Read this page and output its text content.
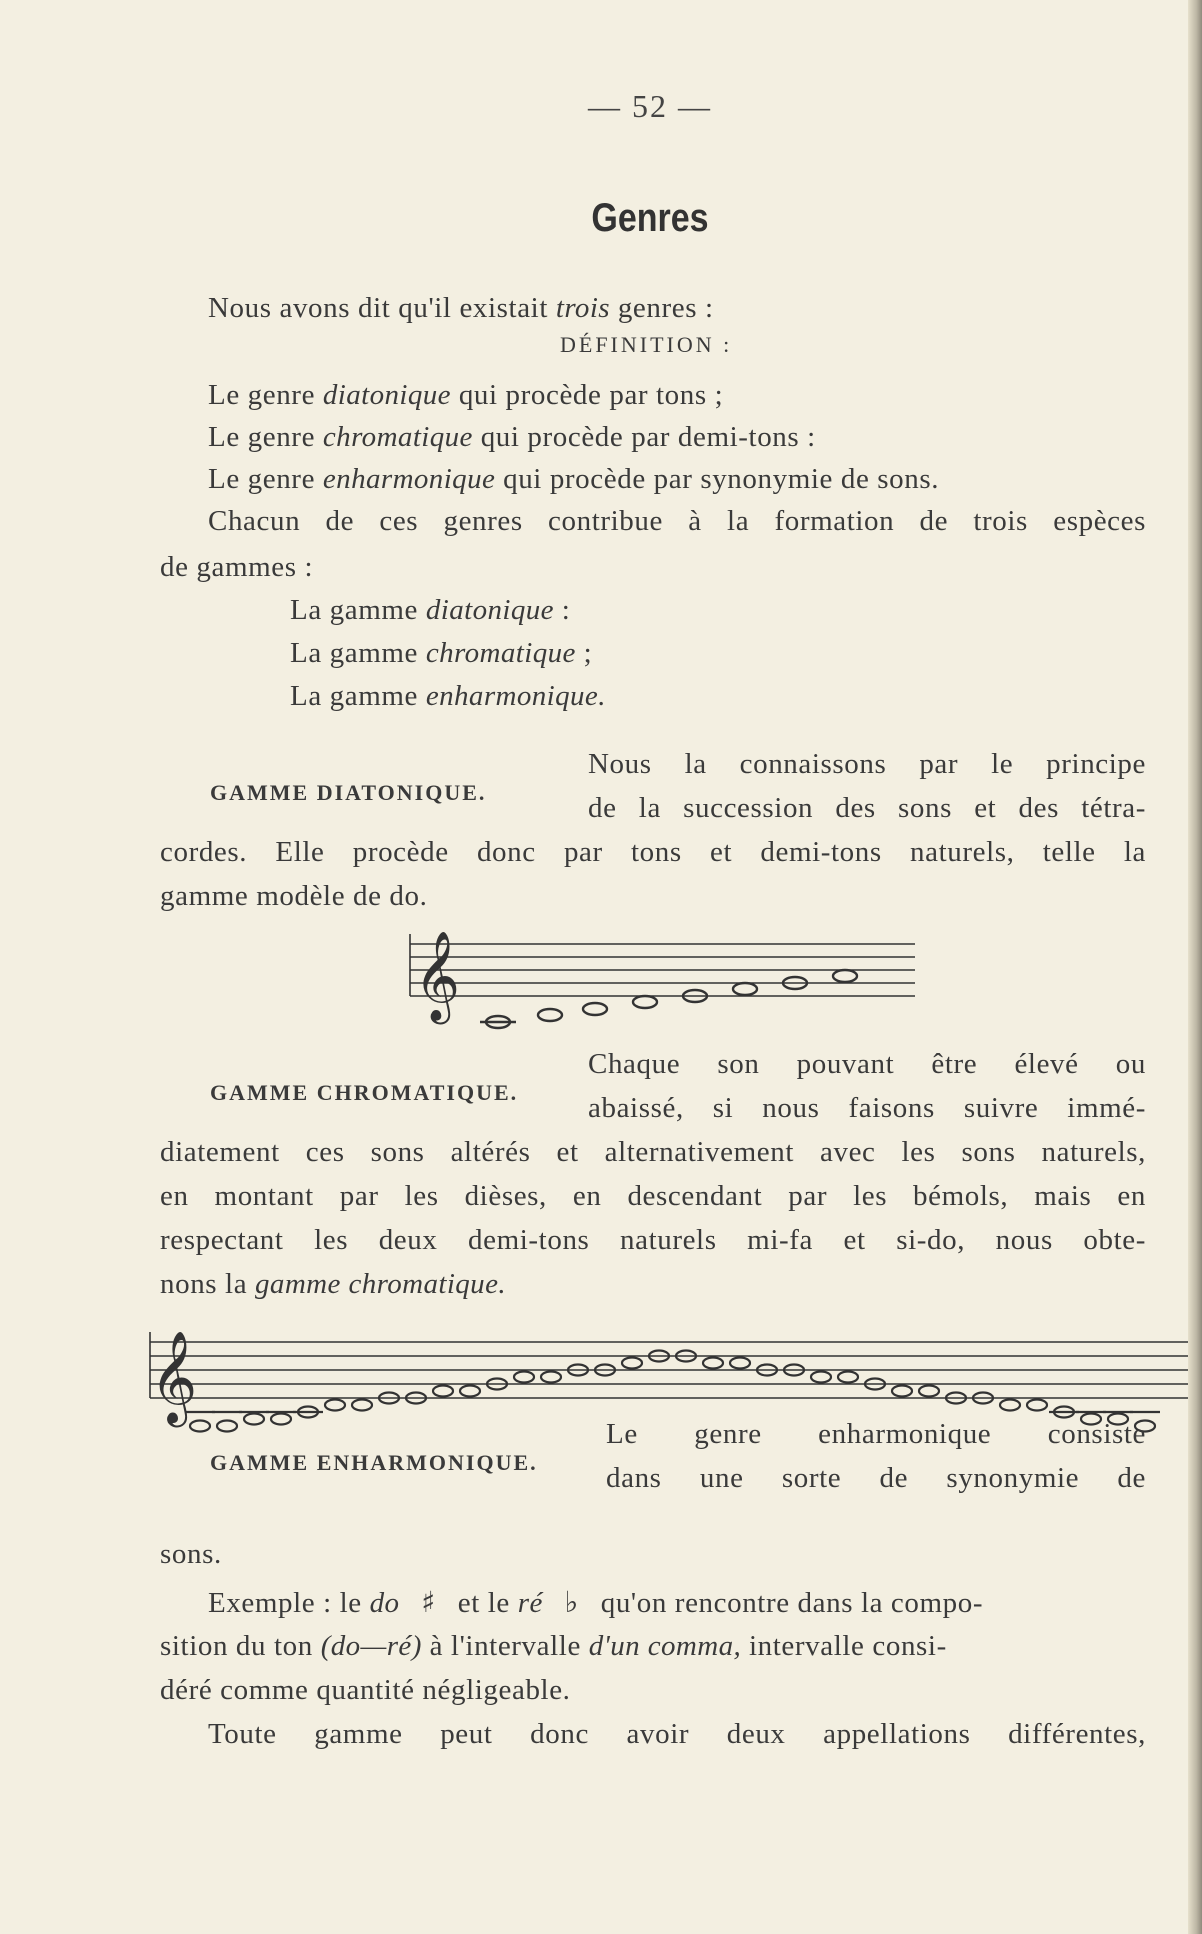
— 52 —
Genres
Nous avons dit qu'il existait trois genres :
DÉFINITION :
Le genre diatonique qui procède par tons ;
Le genre chromatique qui procède par demi-tons :
Le genre enharmonique qui procède par synonymie de sons.
Chacun de ces genres contribue à la formation de trois espèces
de gammes :
La gamme diatonique :
La gamme chromatique ;
La gamme enharmonique.
GAMME DIATONIQUE.
Nous la connaissons par le principe
de la succession des sons et des tétra-
cordes. Elle procède donc par tons et demi-tons naturels, telle la
gamme modèle de do.
𝄞
GAMME CHROMATIQUE.
Chaque son pouvant être élevé ou
abaissé, si nous faisons suivre immé-
diatement ces sons altérés et alternativement avec les sons naturels,
en montant par les dièses, en descendant par les bémols, mais en
respectant les deux demi-tons naturels mi-fa et si-do, nous obte-
nons la gamme chromatique.
𝄞
GAMME ENHARMONIQUE.
Le genre enharmonique consiste
dans une sorte de synonymie de
sons.
Exemple : le do ♯ et le ré ♭ qu'on rencontre dans la compo-
sition du ton (do—ré) à l'intervalle d'un comma, intervalle consi-
déré comme quantité négligeable.
Toute gamme peut donc avoir deux appellations différentes,
